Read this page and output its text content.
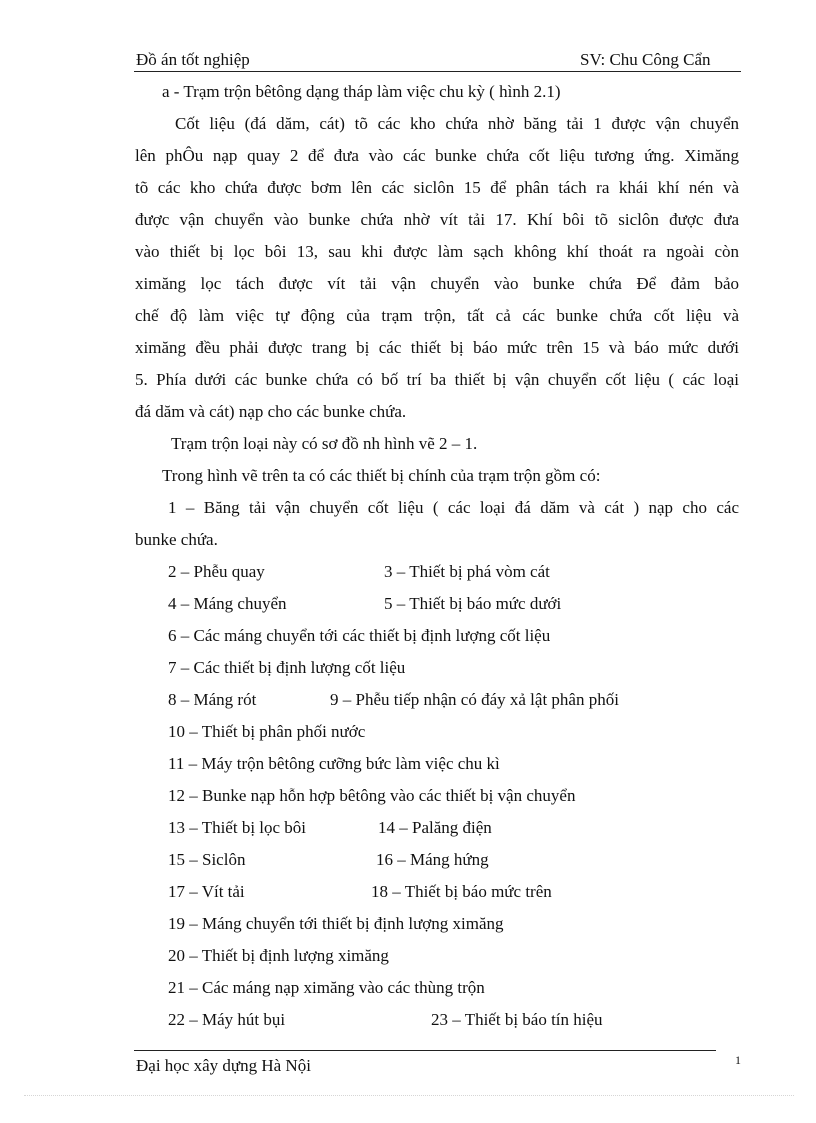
Đồ án tốt nghiệp	SV: Chu Công Cẩn
a - Trạm trộn bêtông dạng tháp làm việc chu kỳ ( hình 2.1)
Cốt liệu (đá dăm, cát) tõ các kho chứa nhờ băng tải 1 được vận chuyển
lên phÔu nạp quay 2 để đưa vào các bunke chứa cốt liệu tương ứng. Ximăng
tõ các kho chứa được bơm lên các siclôn 15 để phân tách ra khái khí nén và
được vận chuyển vào bunke chứa nhờ vít tải 17. Khí bôi tõ siclôn được đưa
vào thiết bị lọc bôi 13, sau khi được làm sạch không khí thoát ra ngoài còn
ximăng lọc tách được vít tải vận chuyển vào bunke chứa Để đảm bảo
chế độ làm việc tự động của trạm trộn, tất cả các bunke chứa cốt liệu và
ximăng đều phải được trang bị các thiết bị báo mức trên 15 và báo mức dưới
5. Phía dưới các bunke chứa có bố trí ba thiết bị vận chuyển cốt liệu ( các loại
đá dăm và cát) nạp cho các bunke chứa.
Trạm trộn loại này có sơ đồ nh hình vẽ 2 – 1.
Trong hình vẽ trên ta có các thiết bị chính của trạm trộn gồm có:
1 – Băng tải vận chuyển cốt liệu ( các loại đá dăm và cát ) nạp cho các
bunke chứa.
2 – Phễu quay	3 – Thiết bị phá vòm cát
4 – Máng chuyển	5 – Thiết bị báo mức dưới
6 – Các máng chuyển tới các thiết bị định lượng cốt liệu
7 – Các thiết bị định lượng cốt liệu
8 – Máng rót	9 – Phễu tiếp nhận có đáy xả lật phân phối
10 – Thiết bị phân phối nước
11 – Máy trộn bêtông cưỡng bức làm việc chu kì
12 – Bunke nạp hỗn hợp bêtông vào các thiết bị vận chuyển
13 – Thiết bị lọc bôi	14 – Palăng điện
15 – Siclôn	16 – Máng hứng
17 – Vít tải	18 – Thiết bị báo mức trên
19 – Máng chuyển tới thiết bị định lượng ximăng
20 – Thiết bị định lượng ximăng
21 – Các máng nạp ximăng vào các thùng trộn
22 – Máy hút bụi	23 – Thiết bị báo tín hiệu
Đại học xây dựng Hà Nội	1
